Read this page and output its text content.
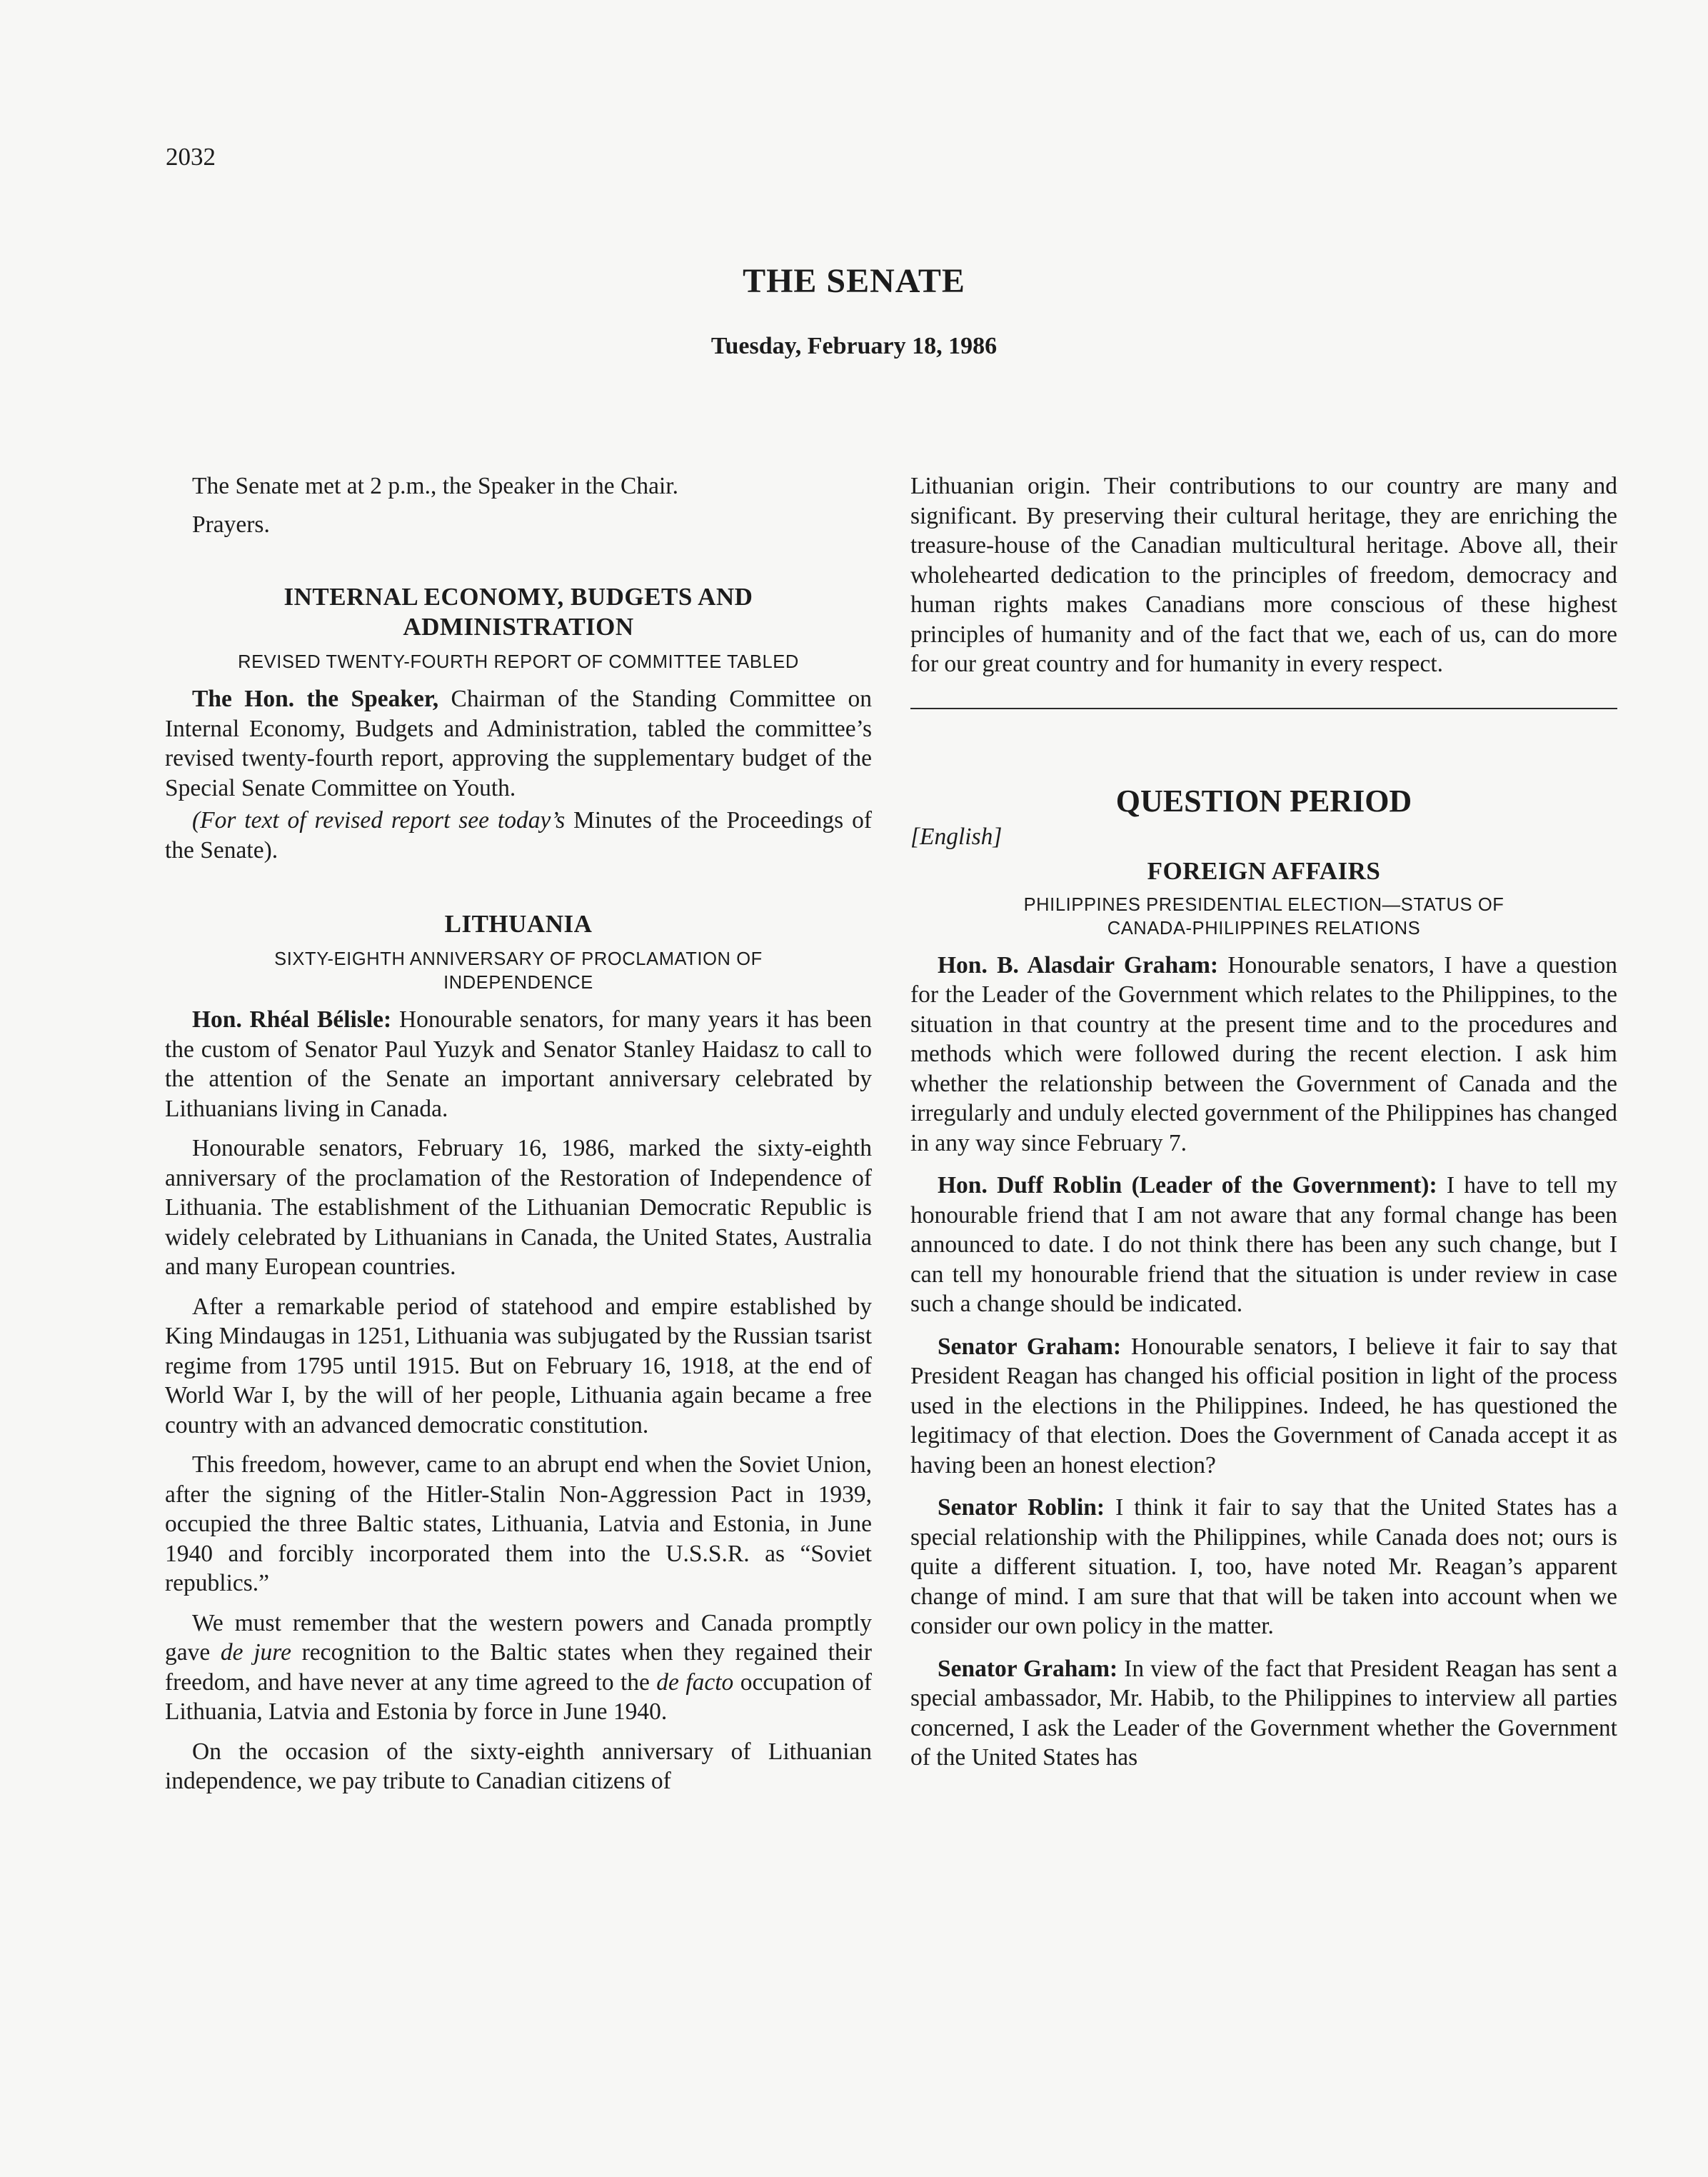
2032
THE SENATE
Tuesday, February 18, 1986

The Senate met at 2 p.m., the Speaker in the Chair.

Prayers.

INTERNAL ECONOMY, BUDGETS AND
ADMINISTRATION
REVISED TWENTY-FOURTH REPORT OF COMMITTEE TABLED

The Hon. the Speaker, Chairman of the Standing Committee on Internal Economy, Budgets and Administration, tabled the committee’s revised twenty-fourth report, approving the supplementary budget of the Special Senate Committee on Youth.

(For text of revised report see today’s Minutes of the Proceedings of the Senate).

LITHUANIA
SIXTY-EIGHTH ANNIVERSARY OF PROCLAMATION OF
INDEPENDENCE

Hon. Rhéal Bélisle: Honourable senators, for many years it has been the custom of Senator Paul Yuzyk and Senator Stanley Haidasz to call to the attention of the Senate an important anniversary celebrated by Lithuanians living in Canada.

Honourable senators, February 16, 1986, marked the sixty-eighth anniversary of the proclamation of the Restoration of Independence of Lithuania. The establishment of the Lithuanian Democratic Republic is widely celebrated by Lithuanians in Canada, the United States, Australia and many European countries.

After a remarkable period of statehood and empire established by King Mindaugas in 1251, Lithuania was subjugated by the Russian tsarist regime from 1795 until 1915. But on February 16, 1918, at the end of World War I, by the will of her people, Lithuania again became a free country with an advanced democratic constitution.

This freedom, however, came to an abrupt end when the Soviet Union, after the signing of the Hitler-Stalin Non-Aggression Pact in 1939, occupied the three Baltic states, Lithuania, Latvia and Estonia, in June 1940 and forcibly incorporated them into the U.S.S.R. as “Soviet republics.”

We must remember that the western powers and Canada promptly gave de jure recognition to the Baltic states when they regained their freedom, and have never at any time agreed to the de facto occupation of Lithuania, Latvia and Estonia by force in June 1940.

On the occasion of the sixty-eighth anniversary of Lithuanian independence, we pay tribute to Canadian citizens of

Lithuanian origin. Their contributions to our country are many and significant. By preserving their cultural heritage, they are enriching the treasure-house of the Canadian multicultural heritage. Above all, their wholehearted dedication to the principles of freedom, democracy and human rights makes Canadians more conscious of these highest principles of humanity and of the fact that we, each of us, can do more for our great country and for humanity in every respect.

QUESTION PERIOD
[English]
FOREIGN AFFAIRS
PHILIPPINES PRESIDENTIAL ELECTION—STATUS OF
CANADA-PHILIPPINES RELATIONS

Hon. B. Alasdair Graham: Honourable senators, I have a question for the Leader of the Government which relates to the Philippines, to the situation in that country at the present time and to the procedures and methods which were followed during the recent election. I ask him whether the relationship between the Government of Canada and the irregularly and unduly elected government of the Philippines has changed in any way since February 7.

Hon. Duff Roblin (Leader of the Government): I have to tell my honourable friend that I am not aware that any formal change has been announced to date. I do not think there has been any such change, but I can tell my honourable friend that the situation is under review in case such a change should be indicated.

Senator Graham: Honourable senators, I believe it fair to say that President Reagan has changed his official position in light of the process used in the elections in the Philippines. Indeed, he has questioned the legitimacy of that election. Does the Government of Canada accept it as having been an honest election?

Senator Roblin: I think it fair to say that the United States has a special relationship with the Philippines, while Canada does not; ours is quite a different situation. I, too, have noted Mr. Reagan’s apparent change of mind. I am sure that that will be taken into account when we consider our own policy in the matter.

Senator Graham: In view of the fact that President Reagan has sent a special ambassador, Mr. Habib, to the Philippines to interview all parties concerned, I ask the Leader of the Government whether the Government of the United States has
